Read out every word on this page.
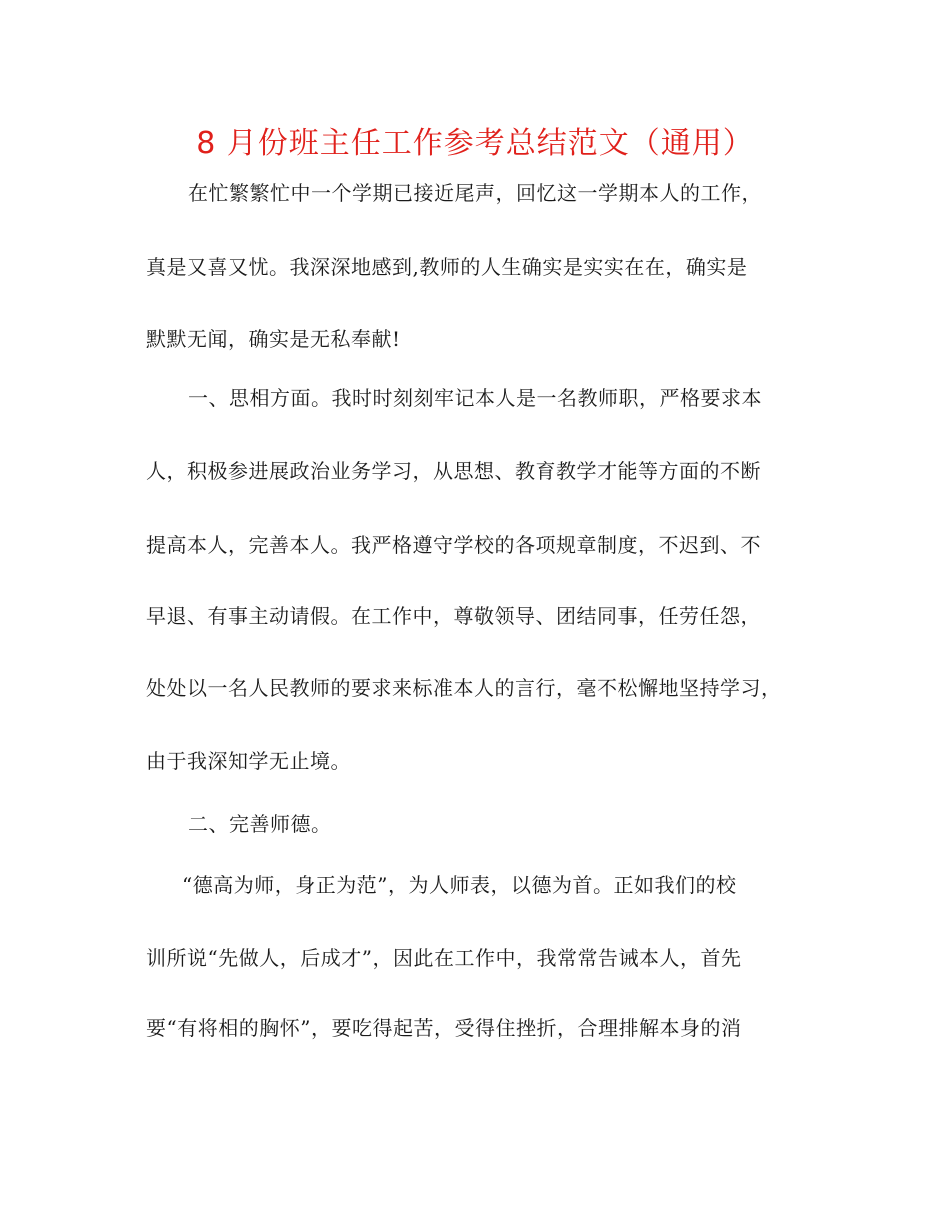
8 月份班主任工作参考总结范文（通用）
在忙繁繁忙中一个学期已接近尾声，回忆这一学期本人的工作，
真是又喜又忧。我深深地感到,教师的人生确实是实实在在，确实是
默默无闻，确实是无私奉献!
一、思相方面。我时时刻刻牢记本人是一名教师职，严格要求本
人，积极参进展政治业务学习，从思想、教育教学才能等方面的不断
提高本人，完善本人。我严格遵守学校的各项规章制度，不迟到、不
早退、有事主动请假。在工作中，尊敬领导、团结同事，任劳任怨，
处处以一名人民教师的要求来标准本人的言行，毫不松懈地坚持学习，
由于我深知学无止境。
二、完善师德。
“德高为师，身正为范”，为人师表，以德为首。正如我们的校
训所说“先做人，后成才”，因此在工作中，我常常告诫本人，首先
要“有将相的胸怀”，要吃得起苦，受得住挫折，合理排解本身的消
